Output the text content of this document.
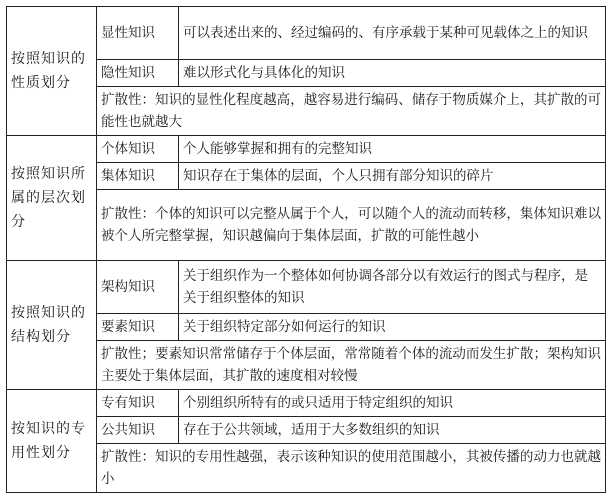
按照知识的性质划分	显性知识	可以表述出来的、经过编码的、有序承载于某种可见载体之上的知识
	隐性知识	难以形式化与具体化的知识
	扩散性：知识的显性化程度越高，越容易进行编码、储存于物质媒介上，其扩散的可能性也就越大	
按照知识所属的层次划分	个体知识	个人能够掌握和拥有的完整知识
	集体知识	知识存在于集体的层面，个人只拥有部分知识的碎片
	扩散性：个体的知识可以完整从属于个人，可以随个人的流动而转移，集体知识难以被个人所完整掌握，知识越偏向于集体层面，扩散的可能性越小	
按照知识的结构划分	架构知识	关于组织作为一个整体如何协调各部分以有效运行的图式与程序，是关于组织整体的知识
	要素知识	关于组织特定部分如何运行的知识
	扩散性；要素知识常常储存于个体层面，常常随着个体的流动而发生扩散；架构知识主要处于集体层面，其扩散的速度相对较慢	
按知识的专用性划分	专有知识	个别组织所特有的或只适用于特定组织的知识
	公共知识	存在于公共领域，适用于大多数组织的知识
	扩散性：知识的专用性越强，表示该种知识的使用范围越小，其被传播的动力也就越小	
